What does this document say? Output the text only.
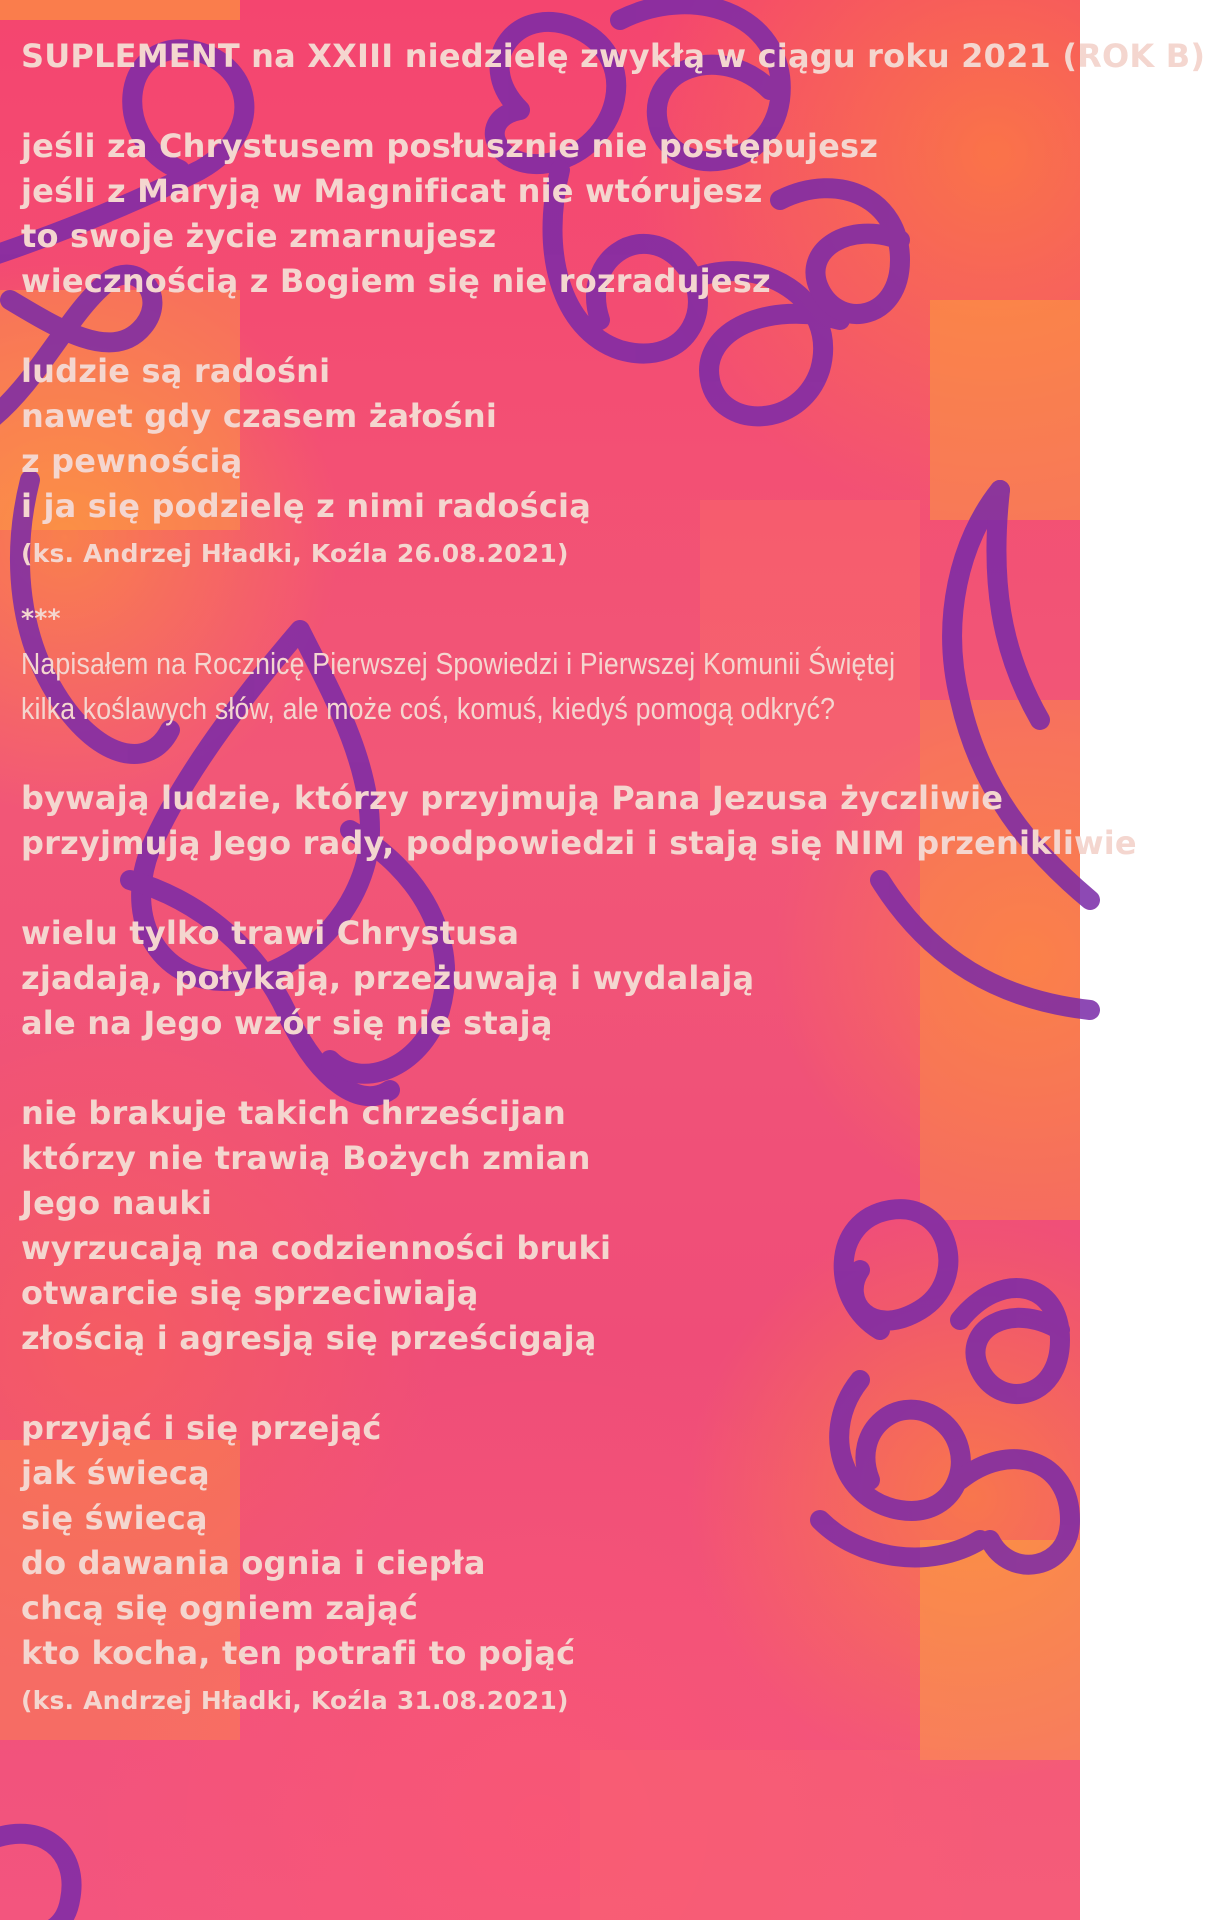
SUPLEMENT na XXIII niedzielę zwykłą w ciągu roku 2021 (ROK B)
jeśli za Chrystusem posłusznie nie postępujesz
jeśli z Maryją w Magnificat nie wtórujesz
to swoje życie zmarnujesz
wiecznością z Bogiem się nie rozradujesz
ludzie są radośni
nawet gdy czasem żałośni
z pewnością
i ja się podzielę z nimi radością
(ks. Andrzej Hładki, Koźla 26.08.2021)
***
Napisałem na Rocznicę Pierwszej Spowiedzi i Pierwszej Komunii Świętej
kilka koślawych słów, ale może coś, komuś, kiedyś pomogą odkryć?
bywają ludzie, którzy przyjmują Pana Jezusa życzliwie
przyjmują Jego rady, podpowiedzi i stają się NIM przenikliwie
wielu tylko trawi Chrystusa
zjadają, połykają, przeżuwają i wydalają
ale na Jego wzór się nie stają
nie brakuje takich chrześcijan
którzy nie trawią Bożych zmian
Jego nauki
wyrzucają na codzienności bruki
otwarcie się sprzeciwiają
złością i agresją się prześcigają
przyjąć i się przejąć
jak świecą
się świecą
do dawania ognia i ciepła
chcą się ogniem zająć
kto kocha, ten potrafi to pojąć
(ks. Andrzej Hładki, Koźla 31.08.2021)
